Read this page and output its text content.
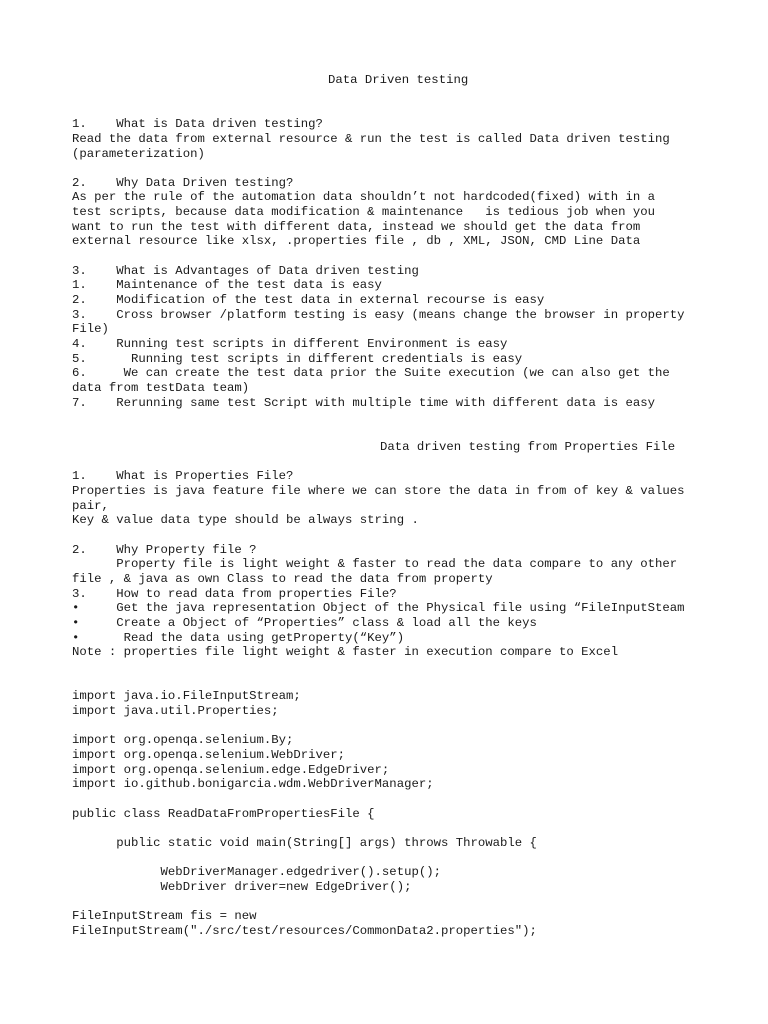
Data Driven testing
1.    What is Data driven testing?
Read the data from external resource & run the test is called Data driven testing
(parameterization)
2.    Why Data Driven testing?
As per the rule of the automation data shouldn’t not hardcoded(fixed) with in a
test scripts, because data modification & maintenance   is tedious job when you
want to run the test with different data, instead we should get the data from
external resource like xlsx, .properties file , db , XML, JSON, CMD Line Data
3.    What is Advantages of Data driven testing
1.    Maintenance of the test data is easy
2.    Modification of the test data in external recourse is easy
3.    Cross browser /platform testing is easy (means change the browser in property
File)
4.    Running test scripts in different Environment is easy
5.      Running test scripts in different credentials is easy
6.     We can create the test data prior the Suite execution (we can also get the
data from testData team)
7.    Rerunning same test Script with multiple time with different data is easy
Data driven testing from Properties File
1.    What is Properties File?
Properties is java feature file where we can store the data in from of key & values
pair,
Key & value data type should be always string .
2.    Why Property file ?
Property file is light weight & faster to read the data compare to any other
file , & java as own Class to read the data from property
3.    How to read data from properties File?
•     Get the java representation Object of the Physical file using “FileInputSteam
•     Create a Object of “Properties” class & load all the keys
•      Read the data using getProperty(“Key”)
Note : properties file light weight & faster in execution compare to Excel
import java.io.FileInputStream;
import java.util.Properties;
import org.openqa.selenium.By;
import org.openqa.selenium.WebDriver;
import org.openqa.selenium.edge.EdgeDriver;
import io.github.bonigarcia.wdm.WebDriverManager;
public class ReadDataFromPropertiesFile {
public static void main(String[] args) throws Throwable {
WebDriverManager.edgedriver().setup();
WebDriver driver=new EdgeDriver();
FileInputStream fis = new
FileInputStream("./src/test/resources/CommonData2.properties");
